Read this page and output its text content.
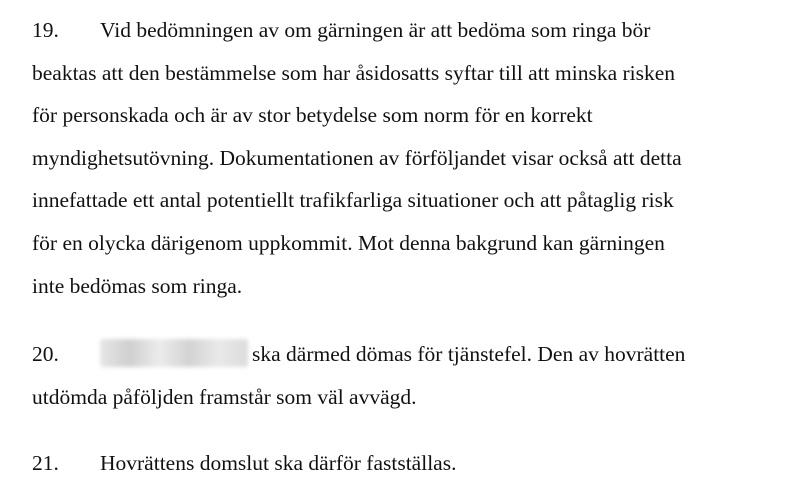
19.	Vid bedömningen av om gärningen är att bedöma som ringa bör
beaktas att den bestämmelse som har åsidosatts syftar till att minska risken
för personskada och är av stor betydelse som norm för en korrekt
myndighetsutövning. Dokumentationen av förföljandet visar också att detta
innefattade ett antal potentiellt trafikfarliga situationer och att påtaglig risk
för en olycka därigenom uppkommit. Mot denna bakgrund kan gärningen
inte bedömas som ringa.
20.	ska därmed dömas för tjänstefel. Den av hovrätten
utdömda påföljden framstår som väl avvägd.
21.	Hovrättens domslut ska därför fastställas.
